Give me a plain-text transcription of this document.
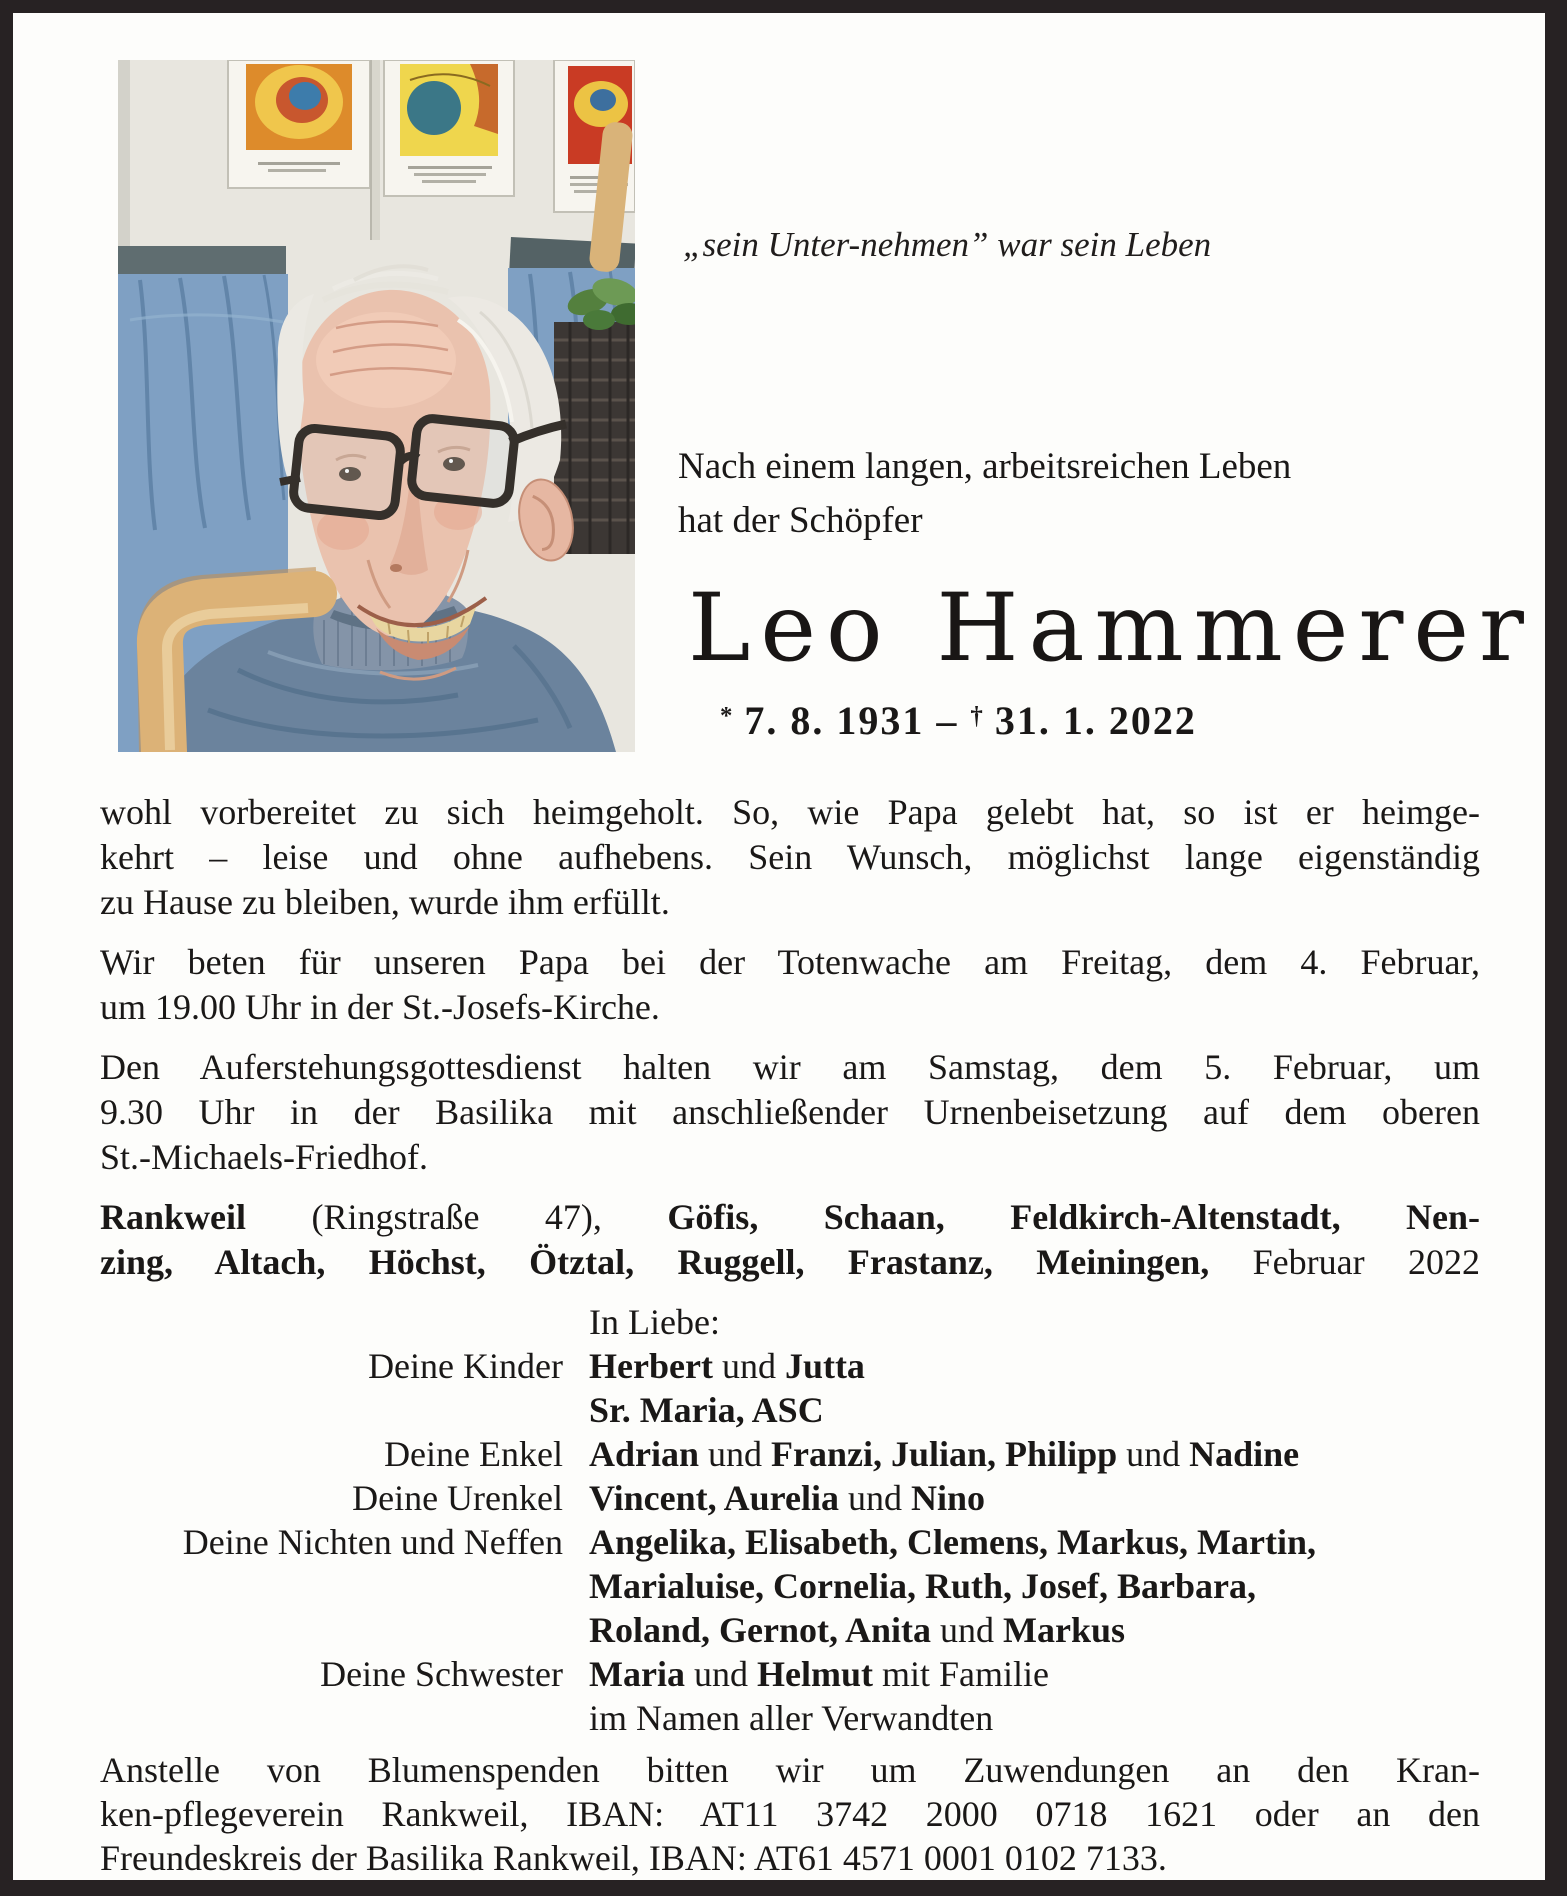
„sein Unter-nehmen” war sein Leben
Nach einem langen, arbeitsreichen Leben
hat der Schöpfer
Leo Hammerer
* 7. 8. 1931 – † 31. 1. 2022
wohl vorbereitet zu sich heimgeholt. So, wie Papa gelebt hat, so ist er heimge-
kehrt – leise und ohne aufhebens. Sein Wunsch, möglichst lange eigenständig
zu Hause zu bleiben, wurde ihm erfüllt.
Wir beten für unseren Papa bei der Totenwache am Freitag, dem 4. Februar,
um 19.00 Uhr in der St.-Josefs-Kirche.
Den Auferstehungsgottesdienst halten wir am Samstag, dem 5. Februar, um
9.30 Uhr in der Basilika mit anschließender Urnenbeisetzung auf dem oberen
St.-Michaels-Friedhof.
Rankweil (Ringstraße 47), Göfis, Schaan, Feldkirch-Altenstadt, Nen-
zing, Altach, Höchst, Ötztal, Ruggell, Frastanz, Meiningen, Februar 2022
In Liebe:
Deine Kinder Herbert und Jutta
Sr. Maria, ASC
Deine Enkel Adrian und Franzi, Julian, Philipp und Nadine
Deine Urenkel Vincent, Aurelia und Nino
Deine Nichten und Neffen Angelika, Elisabeth, Clemens, Markus, Martin,
Marialuise, Cornelia, Ruth, Josef, Barbara,
Roland, Gernot, Anita und Markus
Deine Schwester Maria und Helmut mit Familie
im Namen aller Verwandten
Anstelle von Blumenspenden bitten wir um Zuwendungen an den Kran-
ken-pflegeverein Rankweil, IBAN: AT11 3742 2000 0718 1621 oder an den
Freundeskreis der Basilika Rankweil, IBAN: AT61 4571 0001 0102 7133.
